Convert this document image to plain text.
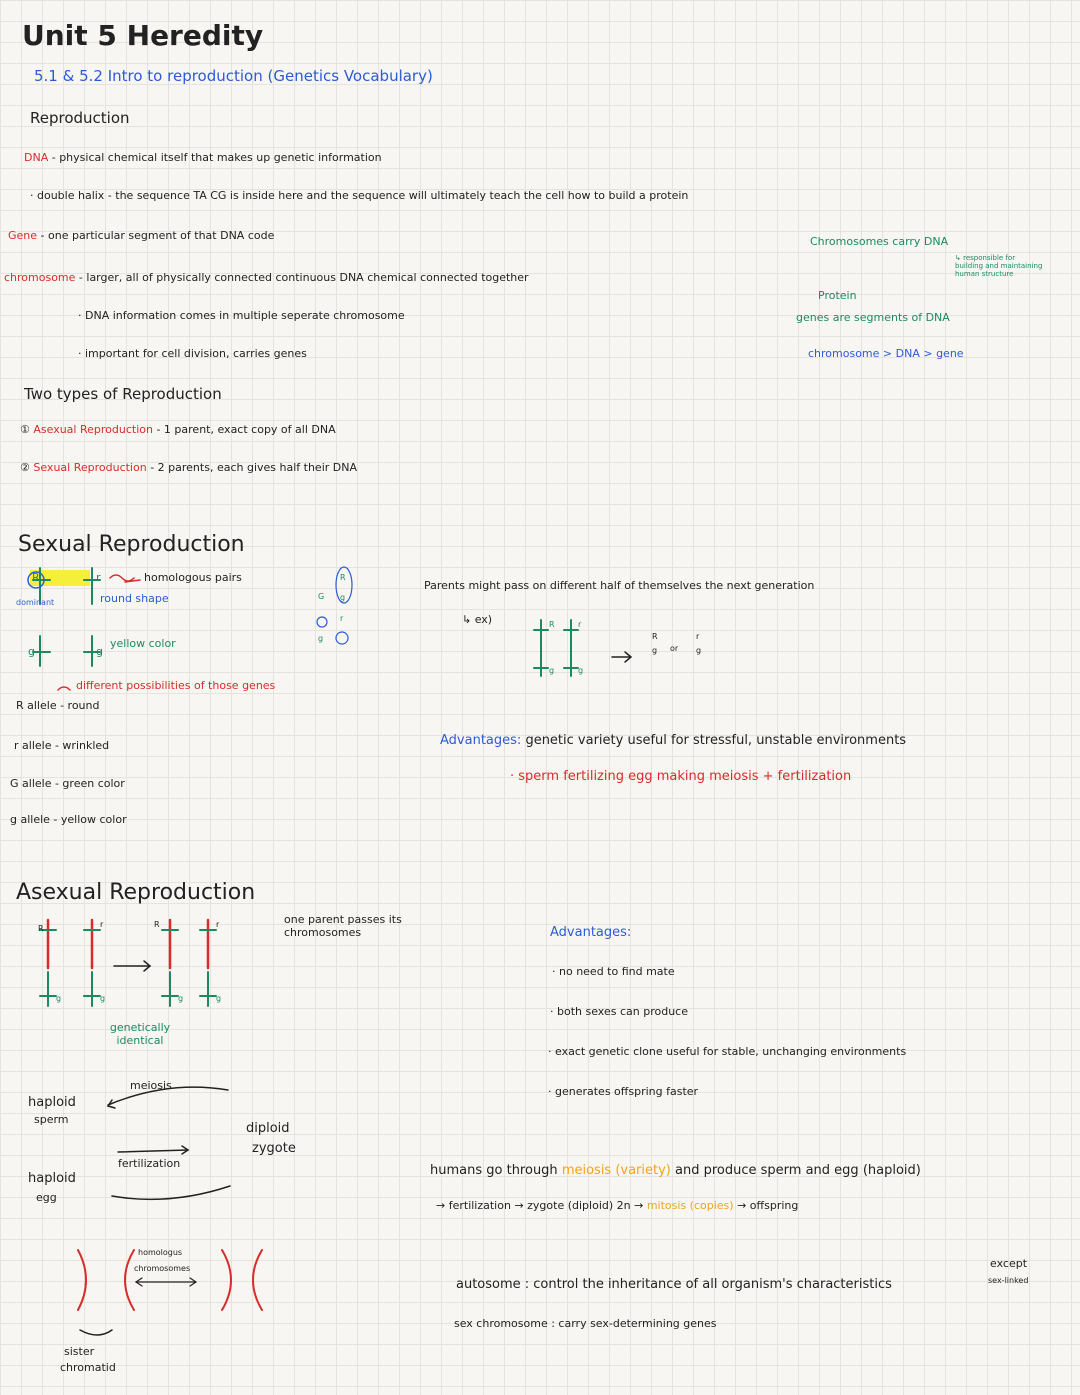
Unit 5 Heredity
5.1 & 5.2 Intro to reproduction (Genetics Vocabulary)
Reproduction
DNA - physical chemical itself that makes up genetic information
· double halix - the sequence TA CG is inside here and the sequence will ultimately teach the cell how to build a protein
Gene - one particular segment of that DNA code
chromosome - larger, all of physically connected continuous DNA chemical connected together
· DNA information comes in multiple seperate chromosome
· important for cell division, carries genes
Chromosomes carry DNA
↳ responsible for building and maintaining human structure
Protein
genes are segments of DNA
chromosome > DNA > gene
Two types of Reproduction
① Asexual Reproduction - 1 parent, exact copy of all DNA
② Sexual Reproduction - 2 parents, each gives half their DNA
Sexual Reproduction
R	r	homologous pairs
round shape
dominant
g	g
yellow color
different possibilities of those genes
G
R
g
r
g
R allele - round
r allele - wrinkled
G allele - green color
g allele - yellow color
Parents might pass on different half of themselves the next generation
↳ ex)	R	r
g	g
R
g or
r
g
Advantages: genetic variety useful for stressful, unstable environments
· sperm fertilizing egg making meiosis + fertilization
Asexual Reproduction
R	r	R	r
g	g	g	g
one parent passes its chromosomes
genetically identical
Advantages:
· no need to find mate
· both sexes can produce
· exact genetic clone useful for stable, unchanging environments
· generates offspring faster
meiosis
haploid
sperm
fertilization
diploid
zygote
haploid
egg
homologus
chromosomes
sister
chromatid
humans go through meiosis (variety) and produce sperm and egg (haploid)
→ fertilization → zygote (diploid) 2n → mitosis (copies) → offspring
autosome : control the inheritance of all organism's characteristics
except
sex-linked
sex chromosome : carry sex-determining genes
